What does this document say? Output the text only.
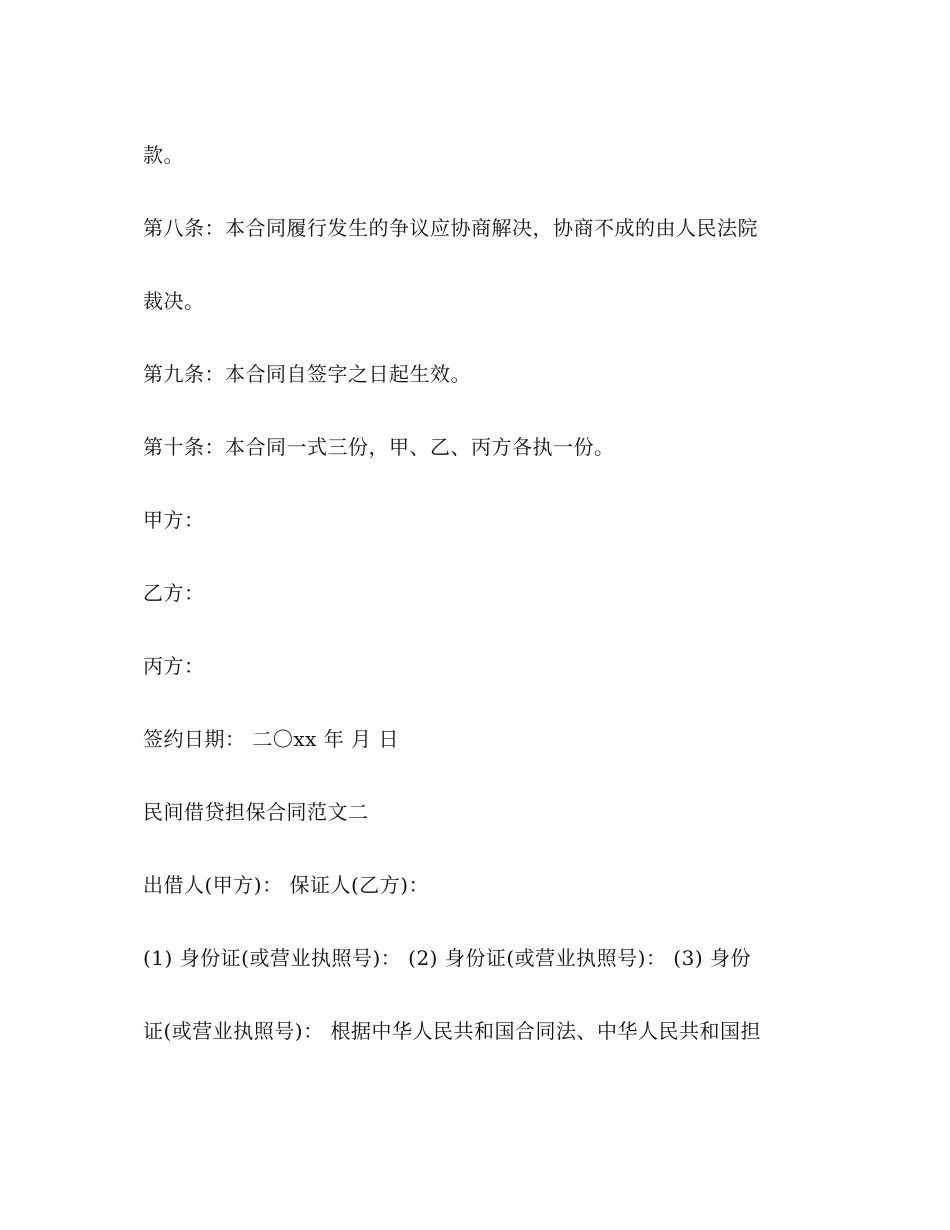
款。
第八条：本合同履行发生的争议应协商解决，协商不成的由人民法院
裁决。
第九条：本合同自签字之日起生效。
第十条：本合同一式三份，甲、乙、丙方各执一份。
甲方：
乙方：
丙方：
签约日期： 二〇xx 年 月 日
民间借贷担保合同范文二
出借人(甲方)： 保证人(乙方)：
(1) 身份证(或营业执照号)： (2) 身份证(或营业执照号)： (3) 身份
证(或营业执照号)： 根据中华人民共和国合同法、中华人民共和国担
